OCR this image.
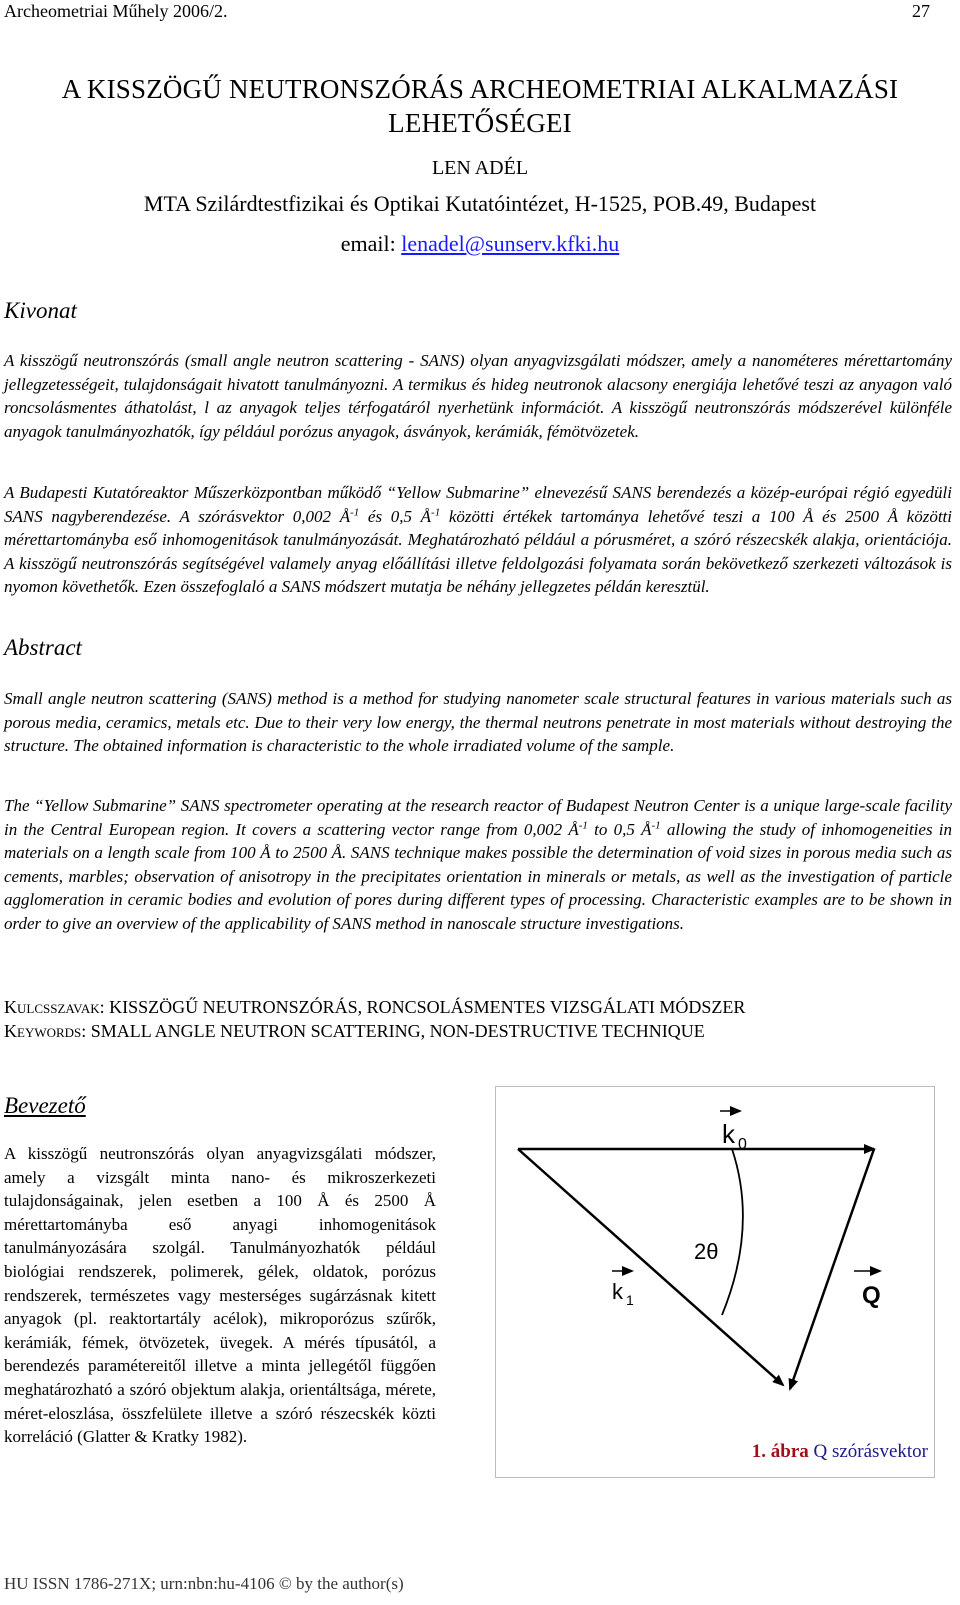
Archeometriai Műhely 2006/2.	27
A KISSZÖGŰ NEUTRONSZÓRÁS ARCHEOMETRIAI ALKALMAZÁSI
LEHETŐSÉGEI
LEN ADÉL
MTA Szilárdtestfizikai és Optikai Kutatóintézet, H-1525, POB.49, Budapest
email: lenadel@sunserv.kfki.hu
Kivonat
A kisszögű neutronszórás (small angle neutron scattering - SANS) olyan anyagvizsgálati módszer, amely a nanométeres mérettartomány jellegzetességeit, tulajdonságait hivatott tanulmányozni. A termikus és hideg neutronok alacsony energiája lehetővé teszi az anyagon való roncsolásmentes áthatolást, l az anyagok teljes térfogatáról nyerhetünk információt. A kisszögű neutronszórás módszerével különféle anyagok tanulmányozhatók, így például porózus anyagok, ásványok, kerámiák, fémötvözetek.
A Budapesti Kutatóreaktor Műszerközpontban működő “Yellow Submarine” elnevezésű SANS berendezés a közép-európai régió egyedüli SANS nagyberendezése. A szórásvektor 0,002 $Å^{-1}$ és 0,5 $Å^{-1}$ közötti értékek tartománya lehetővé teszi a 100 Å és 2500 Å közötti mérettartományba eső inhomogenitások tanulmányozását. Meghatározható például a pórusméret, a szóró részecskék alakja, orientációja. A kisszögű neutronszórás segítségével valamely anyag előállítási illetve feldolgozási folyamata során bekövetkező szerkezeti változások is nyomon követhetők. Ezen összefoglaló a SANS módszert mutatja be néhány jellegzetes példán keresztül.
Abstract
Small angle neutron scattering (SANS) method is a method for studying nanometer scale structural features in various materials such as porous media, ceramics, metals etc. Due to their very low energy, the thermal neutrons penetrate in most materials without destroying the structure. The obtained information is characteristic to the whole irradiated volume of the sample.
The “Yellow Submarine” SANS spectrometer operating at the research reactor of Budapest Neutron Center is a unique large-scale facility in the Central European region. It covers a scattering vector range from 0,002 $Å^{-1}$ to 0,5 $Å^{-1}$ allowing the study of inhomogeneities in materials on a length scale from 100 Å to 2500 Å. SANS technique makes possible the determination of void sizes in porous media such as cements, marbles; observation of anisotropy in the precipitates orientation in minerals or metals, as well as the investigation of particle agglomeration in ceramic bodies and evolution of pores during different types of processing. Characteristic examples are to be shown in order to give an overview of the applicability of SANS method in nanoscale structure investigations.
Kulcsszavak: KISSZÖGŰ NEUTRONSZÓRÁS, RONCSOLÁSMENTES VIZSGÁLATI MÓDSZER
Keywords: SMALL ANGLE NEUTRON SCATTERING, NON-DESTRUCTIVE TECHNIQUE
Bevezető
A kisszögű neutronszórás olyan anyagvizsgálati módszer, amely a vizsgált minta nano- és mikroszerkezeti tulajdonságainak, jelen esetben a 100 Å és 2500 Å mérettartományba eső anyagi inhomogenitások tanulmányozására szolgál. Tanulmányozhatók például biológiai rendszerek, polimerek, gélek, oldatok, porózus rendszerek, természetes vagy mesterséges sugárzásnak kitett anyagok (pl. reaktortartály acélok), mikroporózus szűrők, kerámiák, fémek, ötvözetek, üvegek. A mérés típusától, a berendezés paramétereitől illetve a minta jellegétől függően meghatározható a szóró objektum alakja, orientáltsága, mérete, méret-eloszlása, összfelülete illetve a szóró részecskék közti korreláció (Glatter & Kratky 1982).
k 0
2θ
k 1	Q
1. ábra Q szórásvektor
HU ISSN 1786-271X; urn:nbn:hu-4106 © by the author(s)
